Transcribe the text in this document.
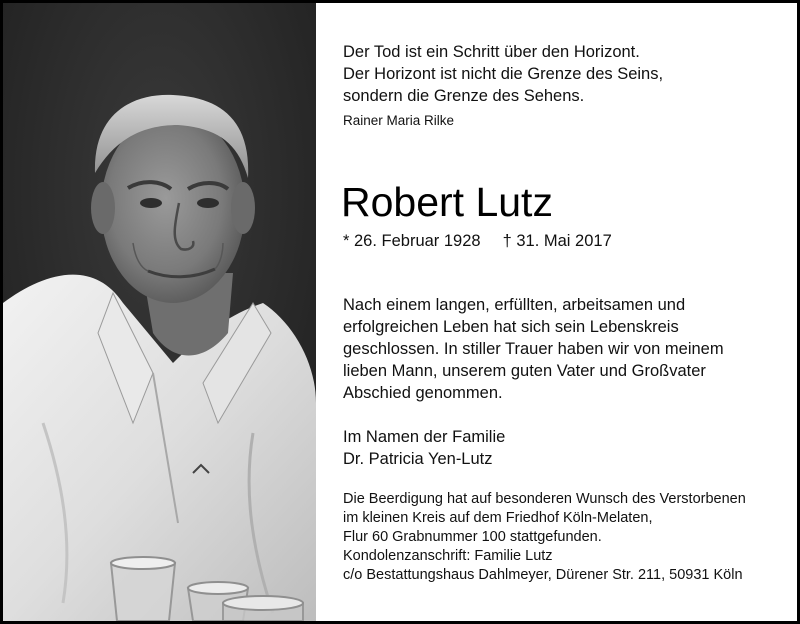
Der Tod ist ein Schritt über den Horizont.
Der Horizont ist nicht die Grenze des Seins,
sondern die Grenze des Sehens.
Rainer Maria Rilke
Robert Lutz
* 26. Februar 1928 † 31. Mai 2017
Nach einem langen, erfüllten, arbeitsamen und
erfolgreichen Leben hat sich sein Lebenskreis
geschlossen. In stiller Trauer haben wir von meinem
lieben Mann, unserem guten Vater und Großvater
Abschied genommen.
Im Namen der Familie
Dr. Patricia Yen-Lutz
Die Beerdigung hat auf besonderen Wunsch des Verstorbenen
im kleinen Kreis auf dem Friedhof Köln-Melaten,
Flur 60 Grabnummer 100 stattgefunden.
Kondolenzanschrift: Familie Lutz
c/o Bestattungshaus Dahlmeyer, Dürener Str. 211, 50931 Köln
